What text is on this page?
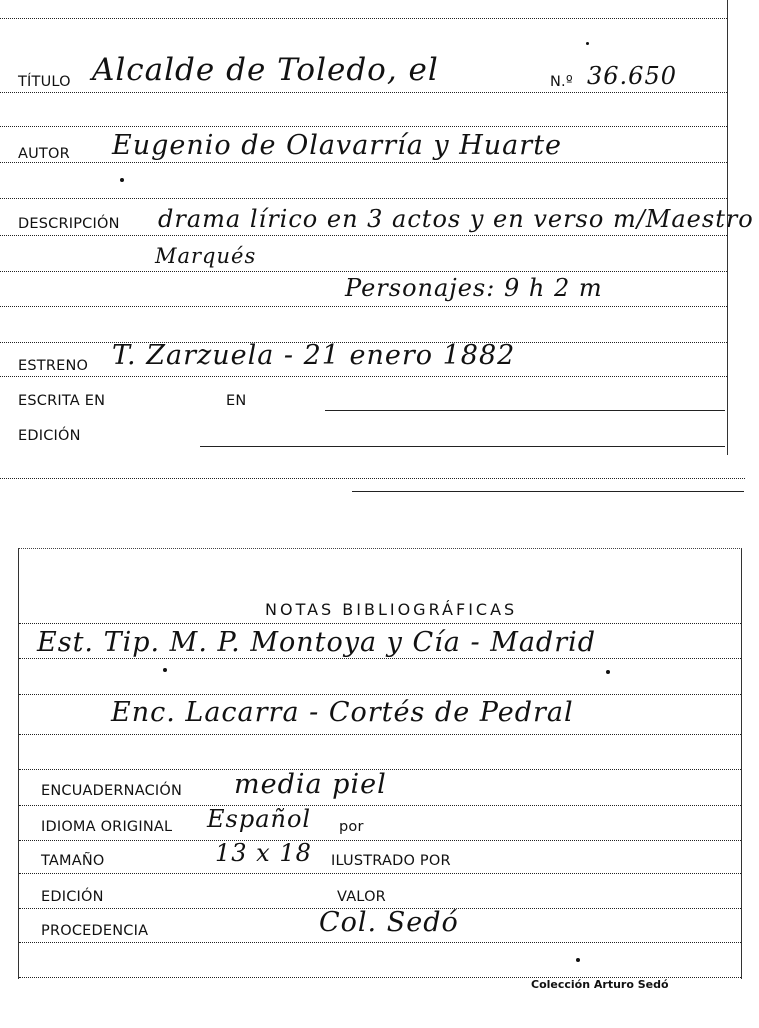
TÍTULO Alcalde de Toledo, el	N.º 36.650
AUTOR Eugenio de Olavarría y Huarte
DESCRIPCIÓN drama lírico en 3 actos y en verso m/Maestro
Marqués
Personajes: 9 h 2 m
ESTRENO T. Zarzuela - 21 enero 1882
ESCRITA EN	EN
EDICIÓN
NOTAS BIBLIOGRÁFICAS
Est. Tip. M. P. Montoya y Cía - Madrid
Enc. Lacarra - Cortés de Pedral
ENCUADERNACIÓN media piel
IDIOMA ORIGINAL Español por
TAMAÑO	13 x 18 ILUSTRADO POR
EDICIÓN	VALOR
PROCEDENCIA	Col. Sedó
Colección Arturo Sedó
